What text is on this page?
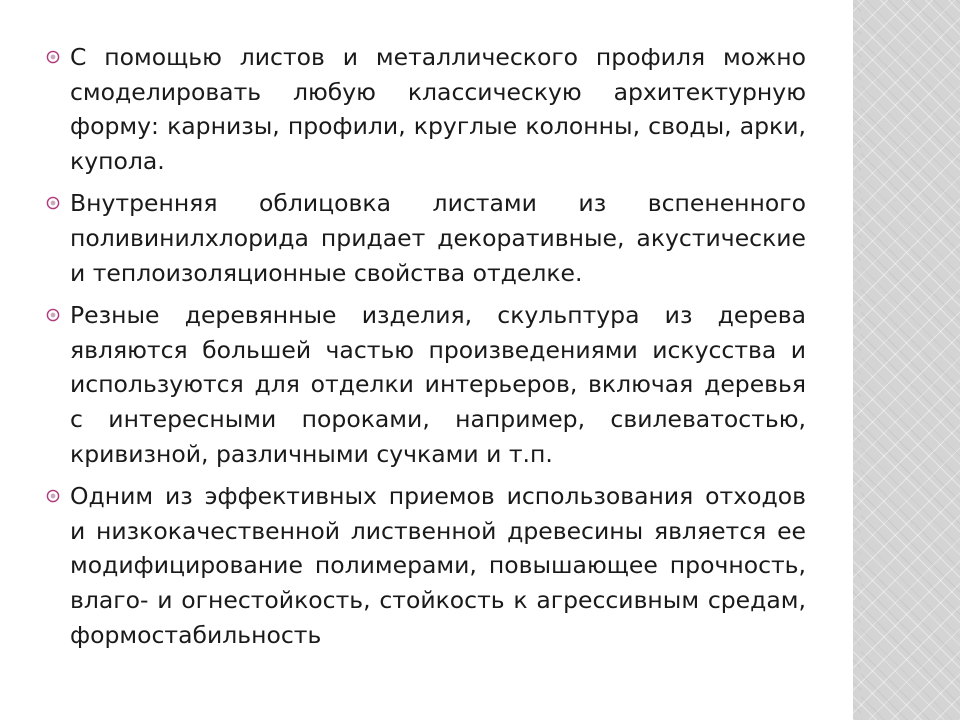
С помощью листов и металлического профиля можно смоделировать любую классическую архитектурную форму: карнизы, профили, круглые колонны, своды, арки, купола.
Внутренняя облицовка листами из вспененного поливинилхлорида придает декоративные, акустические и теплоизоляционные свойства отделке.
Резные деревянные изделия, скульптура из дерева являются большей частью произведениями искусства и используются для отделки интерьеров, включая деревья с интересными пороками, например, свилеватостью, кривизной, различными сучками и т.п.
Одним из эффективных приемов использования отходов и низкокачественной лиственной древесины является ее модифицирование полимерами, повышающее прочность, влаго- и огнестойкость, стойкость к агрессивным средам, формостабильность
